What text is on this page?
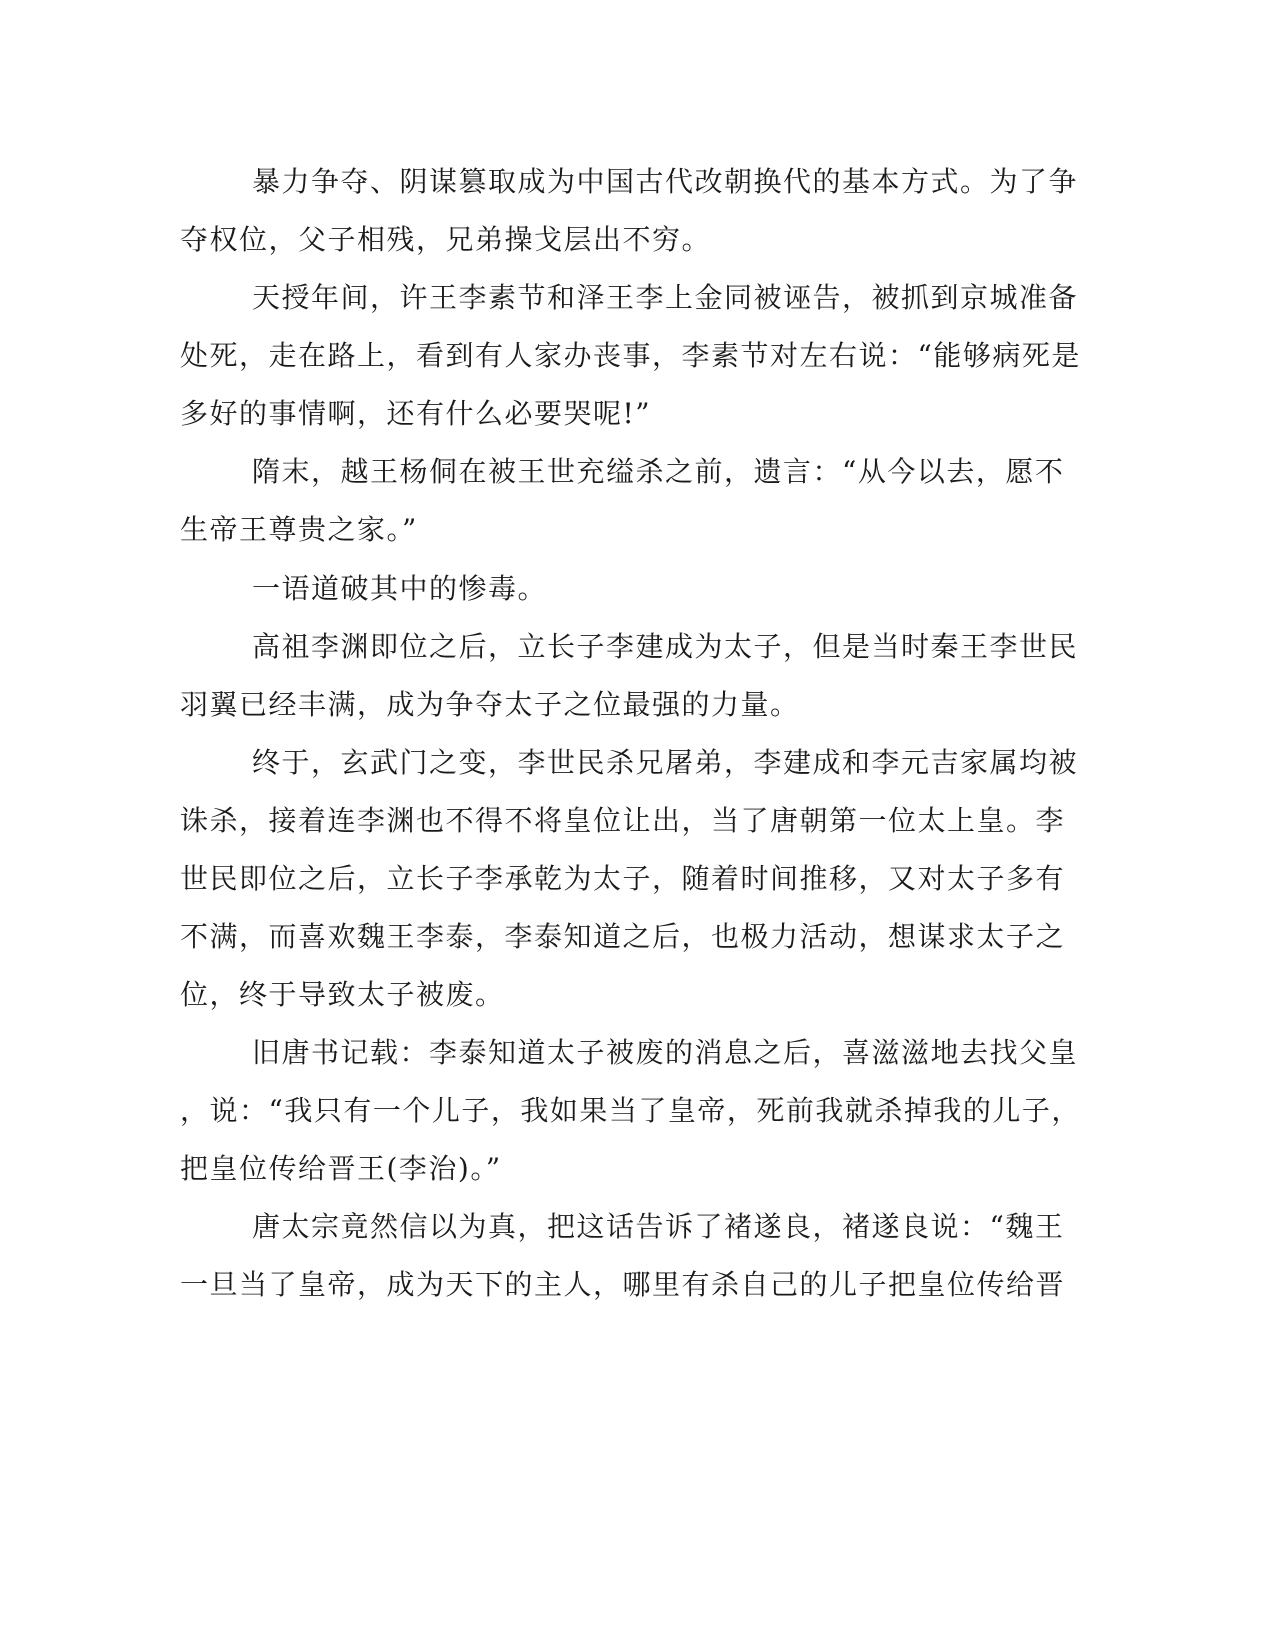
暴力争夺、阴谋篡取成为中国古代改朝换代的基本方式。为了争

夺权位，父子相残，兄弟操戈层出不穷。

天授年间，许王李素节和泽王李上金同被诬告，被抓到京城准备

处死，走在路上，看到有人家办丧事，李素节对左右说：“能够病死是

多好的事情啊，还有什么必要哭呢!”

隋末，越王杨侗在被王世充缢杀之前，遗言：“从今以去，愿不

生帝王尊贵之家。”

一语道破其中的惨毒。

高祖李渊即位之后，立长子李建成为太子，但是当时秦王李世民

羽翼已经丰满，成为争夺太子之位最强的力量。

终于，玄武门之变，李世民杀兄屠弟，李建成和李元吉家属均被

诛杀，接着连李渊也不得不将皇位让出，当了唐朝第一位太上皇。李

世民即位之后，立长子李承乾为太子，随着时间推移，又对太子多有

不满，而喜欢魏王李泰，李泰知道之后，也极力活动，想谋求太子之

位，终于导致太子被废。

旧唐书记载：李泰知道太子被废的消息之后，喜滋滋地去找父皇

，说：“我只有一个儿子，我如果当了皇帝，死前我就杀掉我的儿子，

把皇位传给晋王(李治)。”

唐太宗竟然信以为真，把这话告诉了褚遂良，褚遂良说：“魏王

一旦当了皇帝，成为天下的主人，哪里有杀自己的儿子把皇位传给晋
